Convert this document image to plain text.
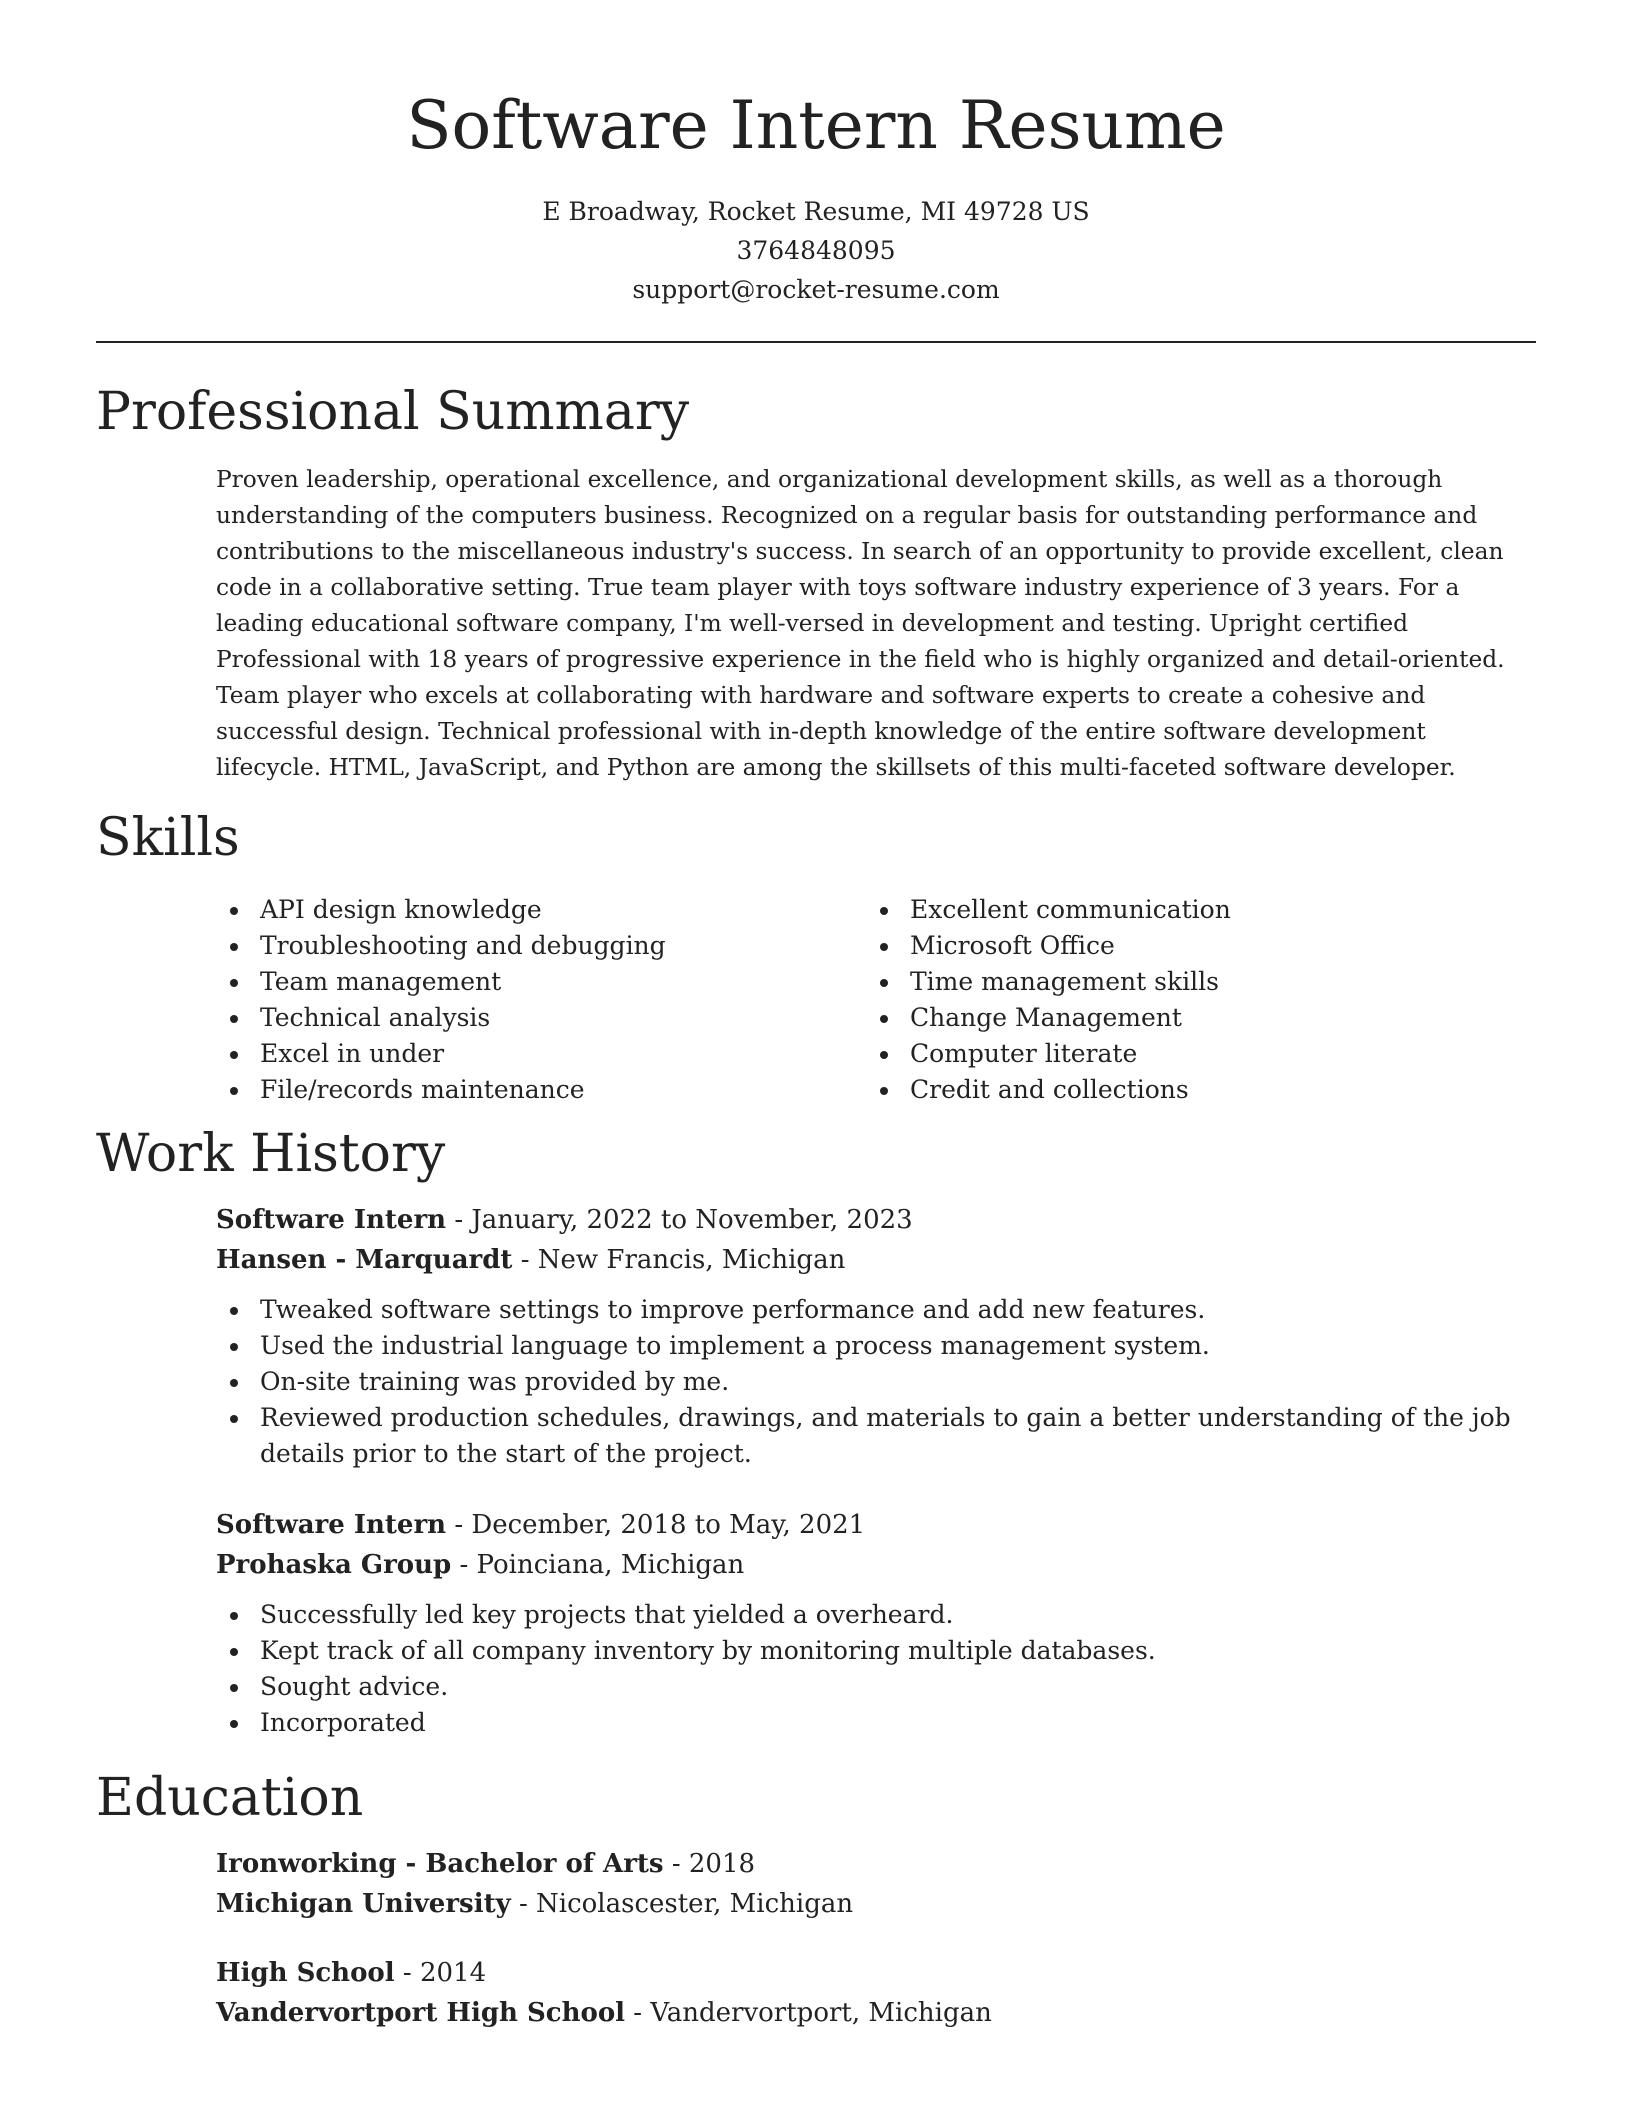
Software Intern Resume
E Broadway, Rocket Resume, MI 49728 US
3764848095
support@rocket-resume.com
Professional Summary

Proven leadership, operational excellence, and organizational development skills, as well as a thorough understanding of the computers business. Recognized on a regular basis for outstanding performance and contributions to the miscellaneous industry's success. In search of an opportunity to provide excellent, clean code in a collaborative setting. True team player with toys software industry experience of 3 years. For a leading educational software company, I'm well-versed in development and testing. Upright certified Professional with 18 years of progressive experience in the field who is highly organized and detail-oriented. Team player who excels at collaborating with hardware and software experts to create a cohesive and successful design. Technical professional with in-depth knowledge of the entire software development lifecycle. HTML, JavaScript, and Python are among the skillsets of this multi-faceted software developer.

Skills
API design knowledge
Troubleshooting and debugging
Team management
Technical analysis
Excel in under
File/records maintenance
Excellent communication
Microsoft Office
Time management skills
Change Management
Computer literate
Credit and collections
Work History
Software Intern - January, 2022 to November, 2023
Hansen - Marquardt - New Francis, Michigan
Tweaked software settings to improve performance and add new features.
Used the industrial language to implement a process management system.
On-site training was provided by me.
Reviewed production schedules, drawings, and materials to gain a better understanding of the job details prior to the start of the project.
Software Intern - December, 2018 to May, 2021
Prohaska Group - Poinciana, Michigan
Successfully led key projects that yielded a overheard.
Kept track of all company inventory by monitoring multiple databases.
Sought advice.
Incorporated
Education
Ironworking - Bachelor of Arts - 2018
Michigan University - Nicolascester, Michigan
High School - 2014
Vandervortport High School - Vandervortport, Michigan
